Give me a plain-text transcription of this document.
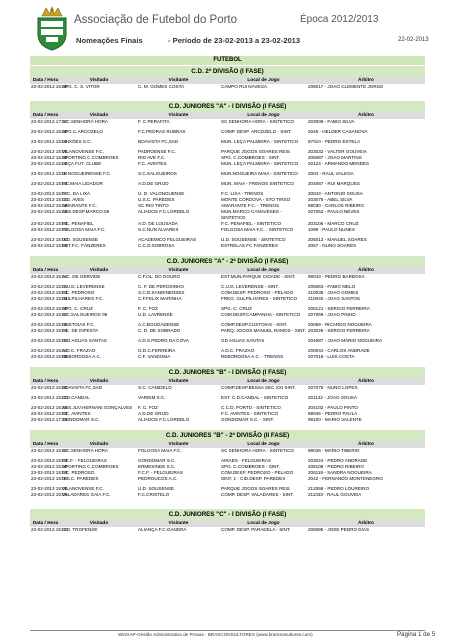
Associação de Futebol do Porto	Época 2012/2013
Nomeações Finais	- Período de 23-02-2013 a 23-02-2013	22-02-2013
FUTEBOL
C.D. 2ª DIVISÃO (I FASE)
Data / Hora	Visitado	Visitante	Local de Jogo	Árbitro
23-02-2013 15:00	SPG. C. S. VITOR	C. M. GOMES COSTA	CAMPO RUI NAVEGA	208017 - JOAO CLEMENTE JORGE
C.D. JUNIORES "A" - I DIVISÃO (I FASE)
Data / Hora	Visitado	Visitante	Local de Jogo	Árbitro
23-02-2013 17:00	S.C.SENHORA HORA	F. C.PERAFITA	SC SENHORA HORA - SINTETICO	203009 - FABIO SILVA
23-02-2013 15:00	SPG.C.ARCOZELO	F.C.PEDRAS RUBRAS	COMP. DESP. ARCOZELO - SINT.	2046 - HELDER CASANOVA
23-02-2013 15:00	LEIXÕES S.C.	BOAVISTA FC,SAD	MUN. LEÇA PALMEIRA - SINTETICO	97010 - PEDRO ESTELA
23-02-2013 15:00	VILANOVENSE F.C.	PADROENSE F.C.	PARQUE JOGOS SOARES REIS	203032 - VALTER GOUVEIA
23-02-2013 15:00	SPORTING C.COMBROES	RIO AVE F.C.	SPG. C.COMBROES - SINT.	205087 - JOAO MARTINS
23-02-2013 15:00	LEÇA FUT. CLUBE	F.C. AVINTES	MUN. LEÇA PALMEIRA - SINTETICO	20124 - ARMANDO MENDES
23-02-2013 15:00	U. NOGUEIRENSE F.C.	S.C.SALGUEIROS	MUN.NOGUEIRA MAIA - SINTETICO	2004 - RAUL VALEGA
23-02-2013 15:00	F.C.MAIA LIDADOR	A.D.DE GRIJO	MUN. MAIA - FRENOS SINTETICO	204087 - RUI MARQUES
23-02-2013 15:00	F. C. DA LIXA	U. D. VALONGUENSE	F.C. LIXA - TRENOS	20043 - ANTONIO SOUSA
23-02-2013 15:00	C.D. AVES	U.S.C. PAREDES	MONTE CORDOVA - STO TIRSO	203078 - ABEL SILVA
23-02-2013 15:00	AMARANTE F.C.	SC RIO TINTO	AMARANTE F.C. - TRENOS	99030 - CARLOS RIBEIRO
23-02-2013 15:00	ASS.DESP.MARCO 09	ALIADOS F.C.LORDELO	MUN.MARCO CANAVESES - SINTETICO	207052 - PAULO NEVES
23-02-2013 15:00	F.C. PENAFIEL	A.D. DE LOUSADA	F.C. PENAFIEL - SINTETICO	203106 - MARCO CRUZ
23-02-2013 15:00	FOLGOSA MAIA F.C.	S.C.NUN ALVARES	FOLGOSA MAIA F.C. - SINTETICO	1099 - PAULO NUNES
23-02-2013 15:00	U.D. SOUSENSE	ACADEMICO FELGUEIRAS	U.D. SOUSENSE - SINTETICO	205013 - MANUEL SOARES
23-02-2013 15:00	EST.F.C. FÂNZERES	C.C.D.SOBROSA	ESTRELAS FC FANZERES	2067 - NUNO SOARES
C.D. JUNIORES "A" - 2ª DIVISÃO (I FASE)
Data / Hora	Visitado	Visitante	Local de Jogo	Árbitro
23-02-2013 15:00	A.C. DE GERVIDE	C.F.OL. DO DOURO	EST.MUN.PARQUE CIDADE - SINT.	99043 - PEDRO BARBOSA
23-02-2013 15:00	C.U.D. LEVERENSE	C. F. DE PEROSINHO	C.U.D. LEVERENSE - SINT.	205063 - FABIO MELO
23-02-2013 15:00	F.C. PEDROSO	S.C.D.SANDINENSES	COM.DESP. PEDROSO - PELADO	210038 - JOAO GOMES
23-02-2013 15:00	GULPILHARES F.C.	C.F.FELIX MARINHA	FREG. GULPILHARES - SINTETICO	210040 - JOAO SANTOS
23-02-2013 15:00	SPG. C. CRUZ	F. C. FOZ	SPG. C. CRUZ	206121 - SERGIO FERREIRA
23-02-2013 15:00	S.C.SALGUEIROS 08	U.D. LAVRENSE	COM.DESP.CAMPANHA - SINTETICO	207069 - JOAO PINHO
23-02-2013 15:00	CUSTOIAS F.C.	A.C.BOUGADENSE	COMP.DESP.CUSTOIAS - SINT.	20069 - RICARDO NOGUEIRA
23-02-2013 15:00	F.C. DE INFESTA	C. D. DE SOBRADO	PARQ. JOGOS MANUEL RAMOS - SINT.	203028 - SERGIO FERREIRA
23-02-2013 15:00	G.D.AGUAS SANTAS	A.D.S.PEDRO DA COVA	GD AGUAS SANTAS	204087 - JOAO MÁRIO NOGUEIRA
23-02-2013 15:00	A.D.C. FRAZAO	G.D.C.FERREIRA	A.D.C. FRAZAO	200044 - CARLOS ANDRADE
23-02-2013 15:00	REBORDOSA A.C.	C.F. VANDOMA	REBORDOSA A.C. - TRENOS	207018 - LUIS COSTA
C.D. JUNIORES "B" - I DIVISÃO (I FASE)
Data / Hora	Visitado	Visitante	Local de Jogo	Árbitro
23-02-2013 15:00	BOAVISTA FC,SAD	S.C. CANIDELO	COMP.DESP.BESSA SEC.XXI SINT.	207075 - NUNO LOPES
23-02-2013 15:00	C.D.CANDAL	VAREIM S.C.	EST. C.D.CANDAL - SINTETICO	201132 - JOAO SOUSA
23-02-2013 16:30	ASS.JUV.HERNANI GONÇALVES	F. C. FOZ	C.C.D. PORTO - SINTETICO	204102 - PAULO PINTO
23-02-2013 15:00	F.C. AVINTES	A.D.DE GRIJO	F.C. AVINTES - SINTETICO	99045 - PEDRO PAULA
23-02-2013 17:15	GONDOMAR S.C.	ALIADOS F.C.LORDELO	GONDOMAR S.C. - SINT.	99100 - MARIO VALENTE
C.D. JUNIORES "B" - 2ª DIVISÃO (II FASE)
Data / Hora	Visitado	Visitante	Local de Jogo	Árbitro
23-02-2013 15:00	S.C.SENHORA HORA	FOLGOSA MAIA F.C.	SC SENHORA HORA - SINTETICO	99036 - MARIO TIBERIO
23-02-2013 15:00	F.C.F. - FELGUEIRAS	GONDOMAR S.C.	AIRAES - FELGUEIRAS	203024 - PEDRO ANDRADE
23-02-2013 15:00	SPORTING C.COMBROES	ERMESINDE S.C.	SPG. C.COMBROES - SINT.	208108 - PEDRO RIBEIRO
23-02-2013 15:00	F.C. PEDROSO	F.C.F. - FELGUEIRAS	COM.DESP. PEDROSO - PELADO	206119 - SANDRA NOGUEIRA
23-02-2013 15:00	U.S.C. PAREDES	PEDROUCOS A.C.	SINT. 1 - CID.DESP. PAREDES	2042 - FERNANDO MONTENEGRO
23-02-2013 15:00	VILANOVENSE F.C.	U.D. SOUSENSE	PARQUE JOGOS SOARES REIS	212068 - PEDRO LOUREIRO
23-02-2013 15:00	VALADARES GAIA F.C.	F.C.CRISTELO	COMP. DESP. VALADARES - SINT.	211033 - RAUL GOUVEIA
C.D. JUNIORES "C" - I DIVISÃO (I FASE)
Data / Hora	Visitado	Visitante	Local de Jogo	Árbitro
23-02-2013 15:00	C.D. TROFENSE	ALIANÇA F.C.GANDRA	COMP. DESP. PARADELA - SINT.	206095 - JOSE PEDRO DIAS
WinGAP-Gestão Administrativa de Provas - BRASCONSULTORES (www.brasconsultores.com)	Página 1 de 5
